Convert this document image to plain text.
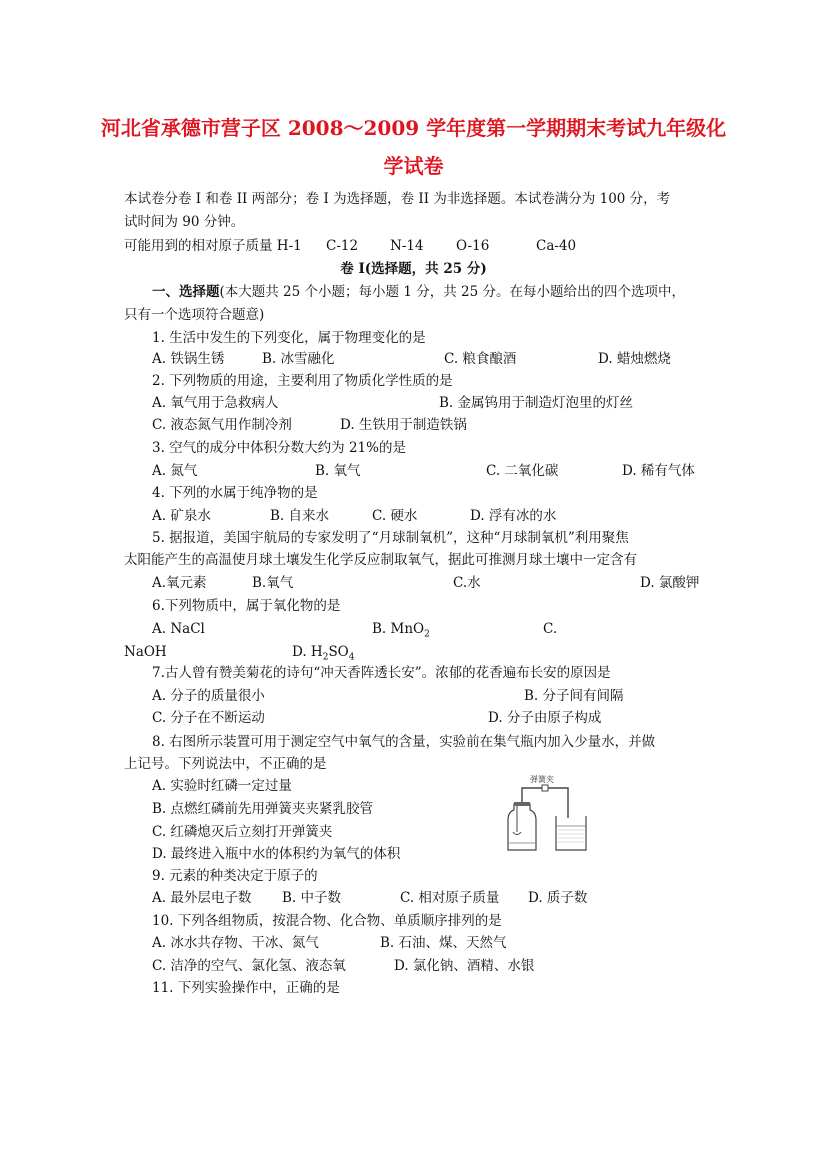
河北省承德市营子区 2008～2009 学年度第一学期期末考试九年级化
学试卷
本试卷分卷 I 和卷 II 两部分；卷 I 为选择题，卷 II 为非选择题。本试卷满分为 100 分，考
试时间为 90 分钟。
可能用到的相对原子质量 H-1 C-12 N-14 O-16	Ca-40
卷 I(选择题，共 25 分)
一、选择题(本大题共 25 个小题；每小题 1 分，共 25 分。在每小题给出的四个选项中，
只有一个选项符合题意)
1. 生活中发生的下列变化，属于物理变化的是
A. 铁锅生锈	B. 冰雪融化	C. 粮食酿酒	D. 蜡烛燃烧
2. 下列物质的用途，主要利用了物质化学性质的是
A. 氧气用于急救病人	B. 金属钨用于制造灯泡里的灯丝
C. 液态氮气用作制冷剂	D. 生铁用于制造铁锅
3. 空气的成分中体积分数大约为 21%的是
A. 氮气	B. 氧气	C. 二氧化碳	D. 稀有气体
4. 下列的水属于纯净物的是
A. 矿泉水	B. 自来水	C. 硬水	D. 浮有冰的水
5. 据报道，美国宇航局的专家发明了“月球制氧机”，这种“月球制氧机”利用聚焦
太阳能产生的高温使月球土壤发生化学反应制取氧气，据此可推测月球土壤中一定含有
A.氧元素	B.氧气	C.水	D. 氯酸钾
6.下列物质中，属于氧化物的是
A. NaCl	B. MnO$_2$	C.
NaOH	D. $H_2SO_4$
7.古人曾有赞美菊花的诗句“冲天香阵透长安”。浓郁的花香遍布长安的原因是
A. 分子的质量很小	B. 分子间有间隔
C. 分子在不断运动	D. 分子由原子构成
8. 右图所示装置可用于测定空气中氧气的含量，实验前在集气瓶内加入少量水，并做
上记号。下列说法中，不正确的是
A. 实验时红磷一定过量
B. 点燃红磷前先用弹簧夹夹紧乳胶管
C. 红磷熄灭后立刻打开弹簧夹
D. 最终进入瓶中水的体积约为氧气的体积
弹簧夹
9. 元素的种类决定于原子的
A. 最外层电子数 B. 中子数	C. 相对原子质量 D. 质子数
10. 下列各组物质，按混合物、化合物、单质顺序排列的是
A. 冰水共存物、干冰、氮气	B. 石油、煤、天然气
C. 洁净的空气、氯化氢、液态氧	D. 氯化钠、酒精、水银
11. 下列实验操作中，正确的是
